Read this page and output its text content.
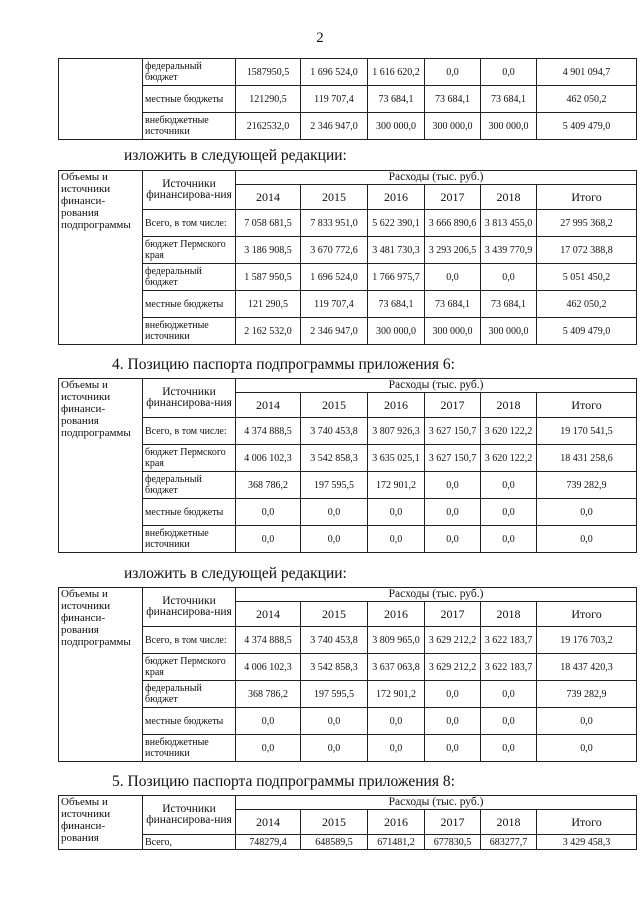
2
	федеральный бюджет	1587950,5	1 696 524,0	1 616 620,2	0,0	0,0	4 901 094,7
	местные бюджеты	121290,5	119 707,4	73 684,1	73 684,1	73 684,1	462 050,2
	внебюджетные источники	2162532,0	2 346 947,0	300 000,0	300 000,0	300 000,0	5 409 479,0
изложить в следующей редакции:
Объемы и источники финанси-рования подпрограммы	Источники финансирова-ния	Расходы (тыс. руб.)					
		2014	2015	2016	2017	2018	Итого
	Всего, в том числе:	7 058 681,5	7 833 951,0	5 622 390,1	3 666 890,6	3 813 455,0	27 995 368,2
	бюджет Пермского края	3 186 908,5	3 670 772,6	3 481 730,3	3 293 206,5	3 439 770,9	17 072 388,8
	федеральный бюджет	1 587 950,5	1 696 524,0	1 766 975,7	0,0	0,0	5 051 450,2
	местные бюджеты	121 290,5	119 707,4	73 684,1	73 684,1	73 684,1	462 050,2
	внебюджетные источники	2 162 532,0	2 346 947,0	300 000,0	300 000,0	300 000,0	5 409 479,0
4. Позицию паспорта подпрограммы приложения 6:
Объемы и источники финанси-рования подпрограммы	Источники финансирова-ния	Расходы (тыс. руб.)					
		2014	2015	2016	2017	2018	Итого
	Всего, в том числе:	4 374 888,5	3 740 453,8	3 807 926,3	3 627 150,7	3 620 122,2	19 170 541,5
	бюджет Пермского края	4 006 102,3	3 542 858,3	3 635 025,1	3 627 150,7	3 620 122,2	18 431 258,6
	федеральный бюджет	368 786,2	197 595,5	172 901,2	0,0	0,0	739 282,9
	местные бюджеты	0,0	0,0	0,0	0,0	0,0	0,0
	внебюджетные источники	0,0	0,0	0,0	0,0	0,0	0,0
изложить в следующей редакции:
Объемы и источники финанси-рования подпрограммы	Источники финансирова-ния	Расходы (тыс. руб.)					
		2014	2015	2016	2017	2018	Итого
	Всего, в том числе:	4 374 888,5	3 740 453,8	3 809 965,0	3 629 212,2	3 622 183,7	19 176 703,2
	бюджет Пермского края	4 006 102,3	3 542 858,3	3 637 063,8	3 629 212,2	3 622 183,7	18 437 420,3
	федеральный бюджет	368 786,2	197 595,5	172 901,2	0,0	0,0	739 282,9
	местные бюджеты	0,0	0,0	0,0	0,0	0,0	0,0
	внебюджетные источники	0,0	0,0	0,0	0,0	0,0	0,0
5. Позицию паспорта подпрограммы приложения 8:
Объемы и источники финанси-рования	Источники финансирова-ния	Расходы (тыс. руб.)					
		2014	2015	2016	2017	2018	Итого
	Всего,	748279,4	648589,5	671481,2	677830,5	683277,7	3 429 458,3
